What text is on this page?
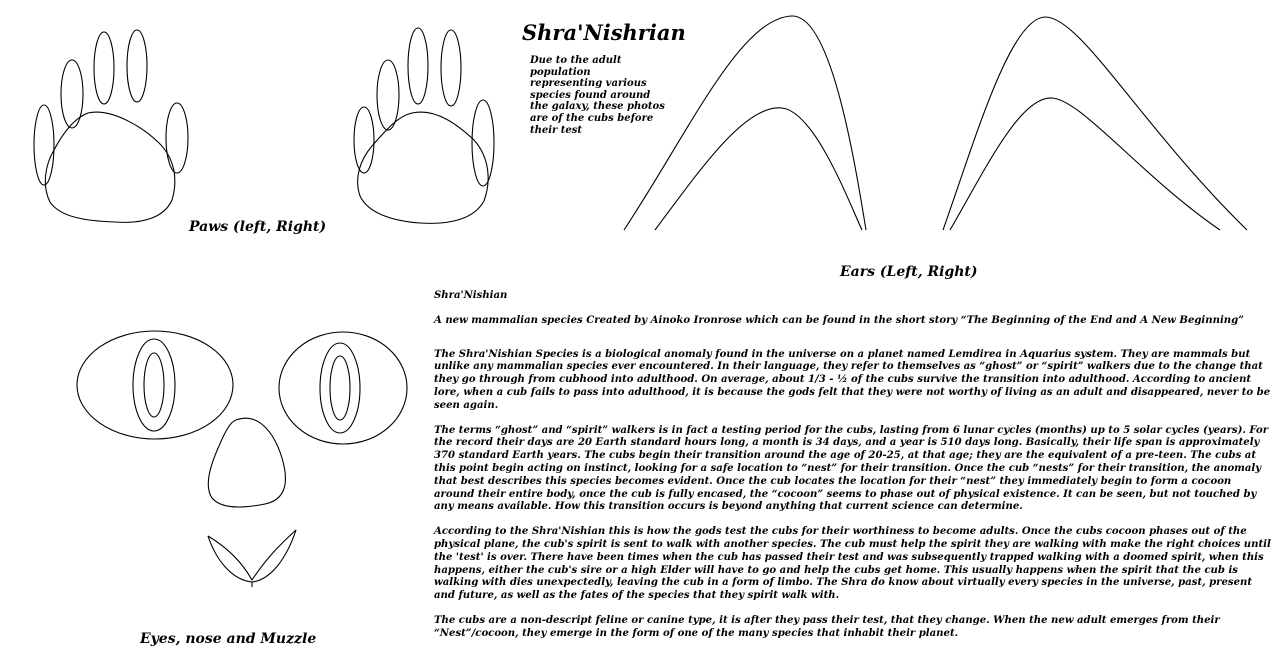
Shra'Nishrian
Due to the adult population representing various species found around the galaxy, these photos are of the cubs before their test
Paws (left, Right)
Ears (Left, Right)
Eyes, nose and Muzzle

Shra'Nishian

A new mammalian species Created by Ainoko Ironrose which can be found in the short story “The Beginning of the End and A New Beginning”

The Shra'Nishian Species is a biological anomaly found in the universe on a planet named Lemdirea in Aquarius system. They are mammals but unlike any mammalian species ever encountered. In their language, they refer to themselves as “ghost” or “spirit” walkers due to the change that they go through from cubhood into adulthood. On average, about 1/3 - ½ of the cubs survive the transition into adulthood. According to ancient lore, when a cub fails to pass into adulthood, it is because the gods felt that they were not worthy of living as an adult and disappeared, never to be seen again.

The terms “ghost” and “spirit” walkers is in fact a testing period for the cubs, lasting from 6 lunar cycles (months) up to 5 solar cycles (years). For the record their days are 20 Earth standard hours long, a month is 34 days, and a year is 510 days long. Basically, their life span is approximately 370 standard Earth years. The cubs begin their transition around the age of 20-25, at that age; they are the equivalent of a pre-teen. The cubs at this point begin acting on instinct, looking for a safe location to “nest” for their transition. Once the cub “nests” for their transition, the anomaly that best describes this species becomes evident. Once the cub locates the location for their “nest” they immediately begin to form a cocoon around their entire body, once the cub is fully encased, the “cocoon” seems to phase out of physical existence. It can be seen, but not touched by any means available. How this transition occurs is beyond anything that current science can determine.

According to the Shra'Nishian this is how the gods test the cubs for their worthiness to become adults. Once the cubs cocoon phases out of the physical plane, the cub's spirit is sent to walk with another species. The cub must help the spirit they are walking with make the right choices until the 'test' is over. There have been times when the cub has passed their test and was subsequently trapped walking with a doomed spirit, when this happens, either the cub's sire or a high Elder will have to go and help the cubs get home. This usually happens when the spirit that the cub is walking with dies unexpectedly, leaving the cub in a form of limbo. The Shra do know about virtually every species in the universe, past, present and future, as well as the fates of the species that they spirit walk with.

The cubs are a non-descript feline or canine type, it is after they pass their test, that they change. When the new adult emerges from their “Nest”/cocoon, they emerge in the form of one of the many species that inhabit their planet.
